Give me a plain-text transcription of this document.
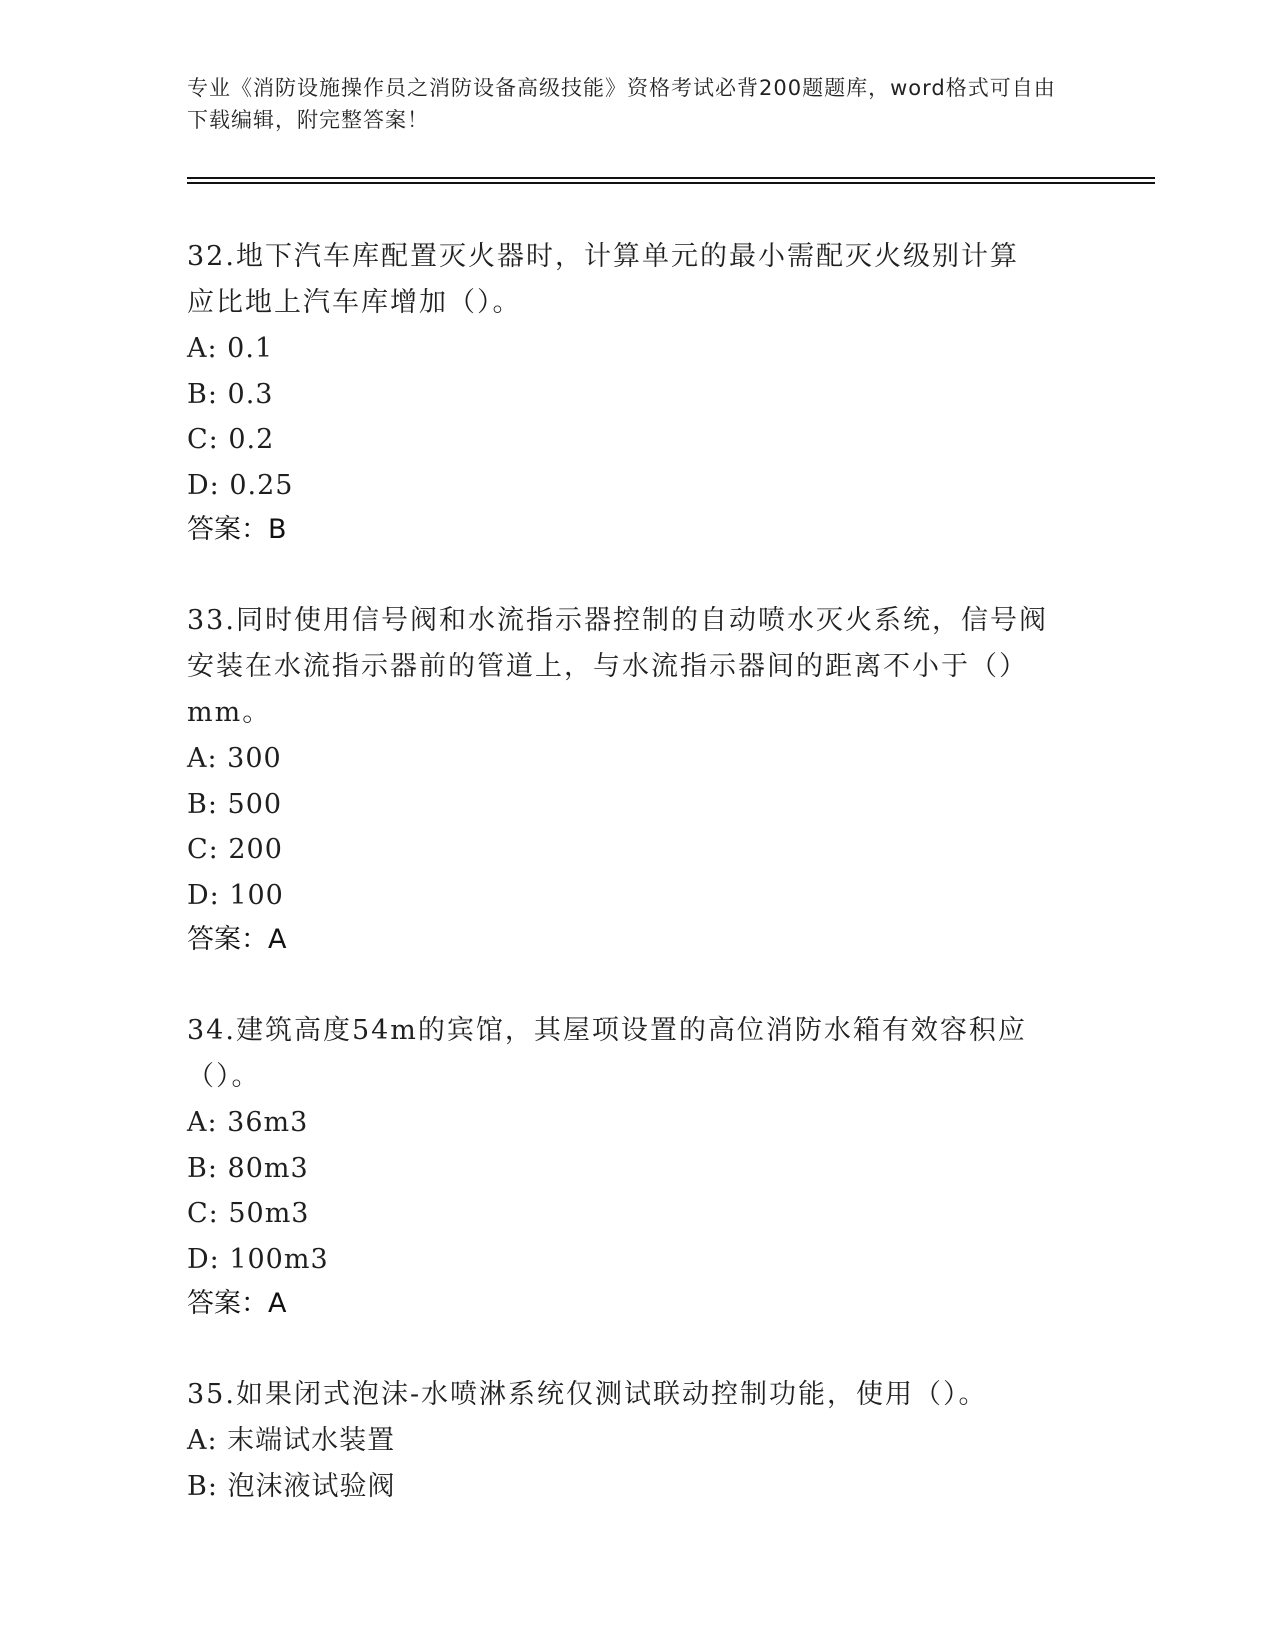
专业《消防设施操作员之消防设备高级技能》资格考试必背200题题库，word格式可自由下载编辑，附完整答案！

32.地下汽车库配置灭火器时，计算单元的最小需配灭火级别计算应比地上汽车库增加（）。

A: 0.1

B: 0.3

C: 0.2

D: 0.25

答案：B

33.同时使用信号阀和水流指示器控制的自动喷水灭火系统，信号阀安装在水流指示器前的管道上，与水流指示器间的距离不小于（）mm。

A: 300

B: 500

C: 200

D: 100

答案：A

34.建筑高度54m的宾馆，其屋项设置的高位消防水箱有效容积应（）。

A: 36m3

B: 80m3

C: 50m3

D: 100m3

答案：A

35.如果闭式泡沫-水喷淋系统仅测试联动控制功能，使用（）。

A: 末端试水装置

B: 泡沫液试验阀
